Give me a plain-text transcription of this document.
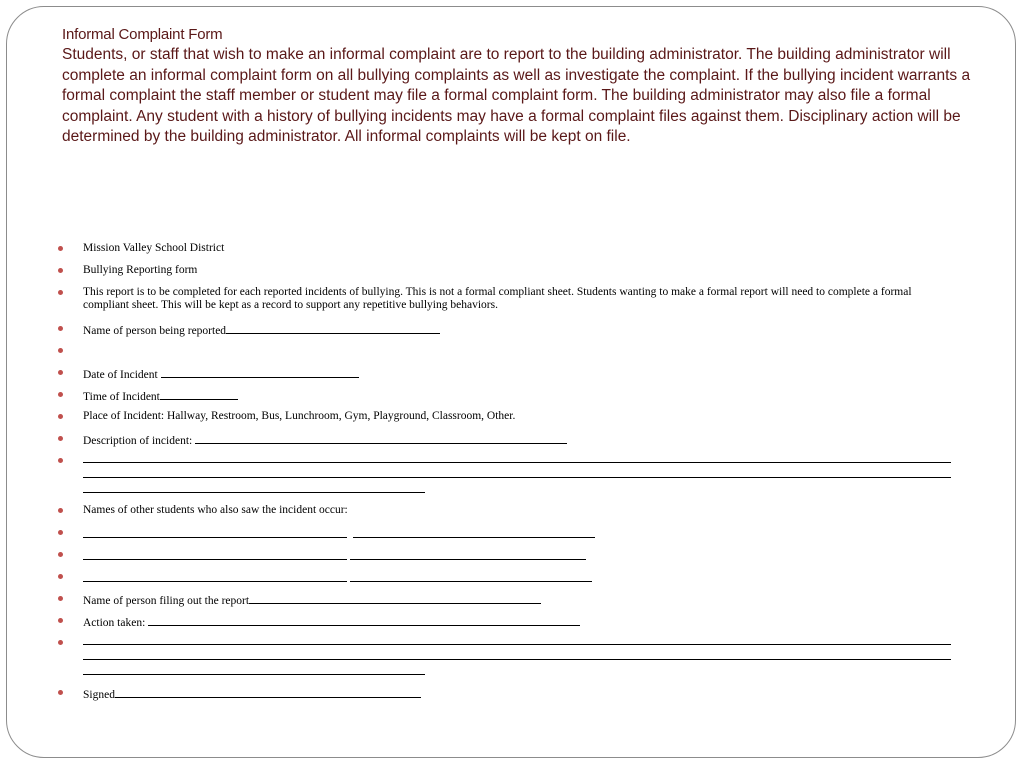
Informal Complaint Form
Students, or staff that wish to make an informal complaint are to report to the building administrator. The building administrator will complete an informal complaint form on all bullying complaints as well as investigate the complaint. If the bullying incident warrants a formal complaint the staff member or student may file a formal complaint form. The building administrator may also file a formal complaint. Any student with a history of bullying incidents may have a formal complaint files against them. Disciplinary action will be determined by the building administrator. All informal complaints will be kept on file.
Mission Valley School District
Bullying Reporting form
This report is to be completed for each reported incidents of bullying. This is not a formal compliant sheet. Students wanting to make a formal report will need to complete a formal compliant sheet. This will be kept as a record to support any repetitive bullying behaviors.
Name of person being reported
Date of Incident
Time of Incident
Place of Incident: Hallway, Restroom, Bus, Lunchroom, Gym, Playground, Classroom, Other.
Description of incident:
Names of other students who also saw the incident occur:
Name of person filing out the report
Action taken:
Signed
